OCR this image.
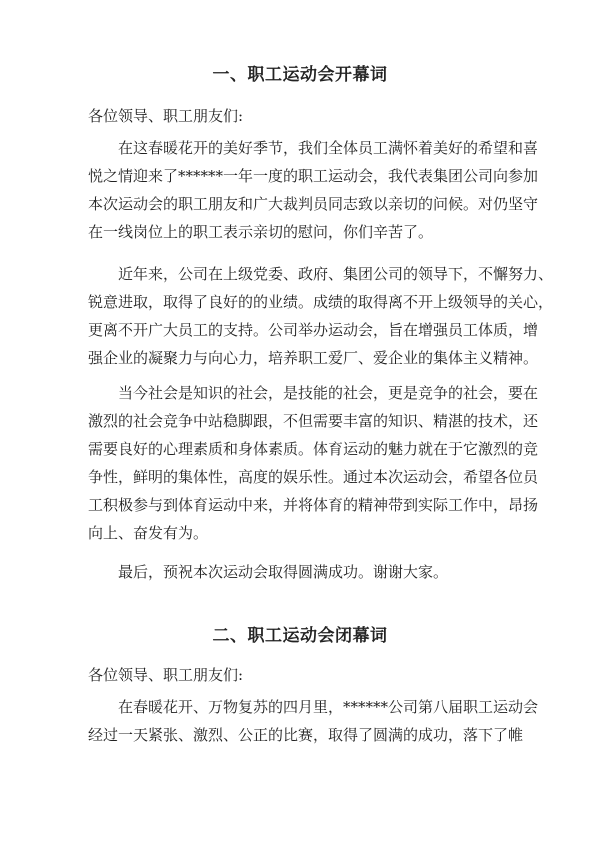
一、职工运动会开幕词
各位领导、职工朋友们:
　　在这春暖花开的美好季节，我们全体员工满怀着美好的希望和喜
悦之情迎来了******一年一度的职工运动会，我代表集团公司向参加
本次运动会的职工朋友和广大裁判员同志致以亲切的问候。对仍坚守
在一线岗位上的职工表示亲切的慰问，你们辛苦了。
　　近年来，公司在上级党委、政府、集团公司的领导下，不懈努力、
锐意进取，取得了良好的的业绩。成绩的取得离不开上级领导的关心，
更离不开广大员工的支持。公司举办运动会，旨在增强员工体质，增
强企业的凝聚力与向心力，培养职工爱厂、爱企业的集体主义精神。
　　当今社会是知识的社会，是技能的社会，更是竞争的社会，要在
激烈的社会竞争中站稳脚跟，不但需要丰富的知识、精湛的技术，还
需要良好的心理素质和身体素质。体育运动的魅力就在于它激烈的竞
争性，鲜明的集体性，高度的娱乐性。通过本次运动会，希望各位员
工积极参与到体育运动中来，并将体育的精神带到实际工作中，昂扬
向上、奋发有为。
　　最后，预祝本次运动会取得圆满成功。谢谢大家。
二、职工运动会闭幕词
各位领导、职工朋友们:
　　在春暖花开、万物复苏的四月里，******公司第八届职工运动会
经过一天紧张、激烈、公正的比赛，取得了圆满的成功，落下了帷
